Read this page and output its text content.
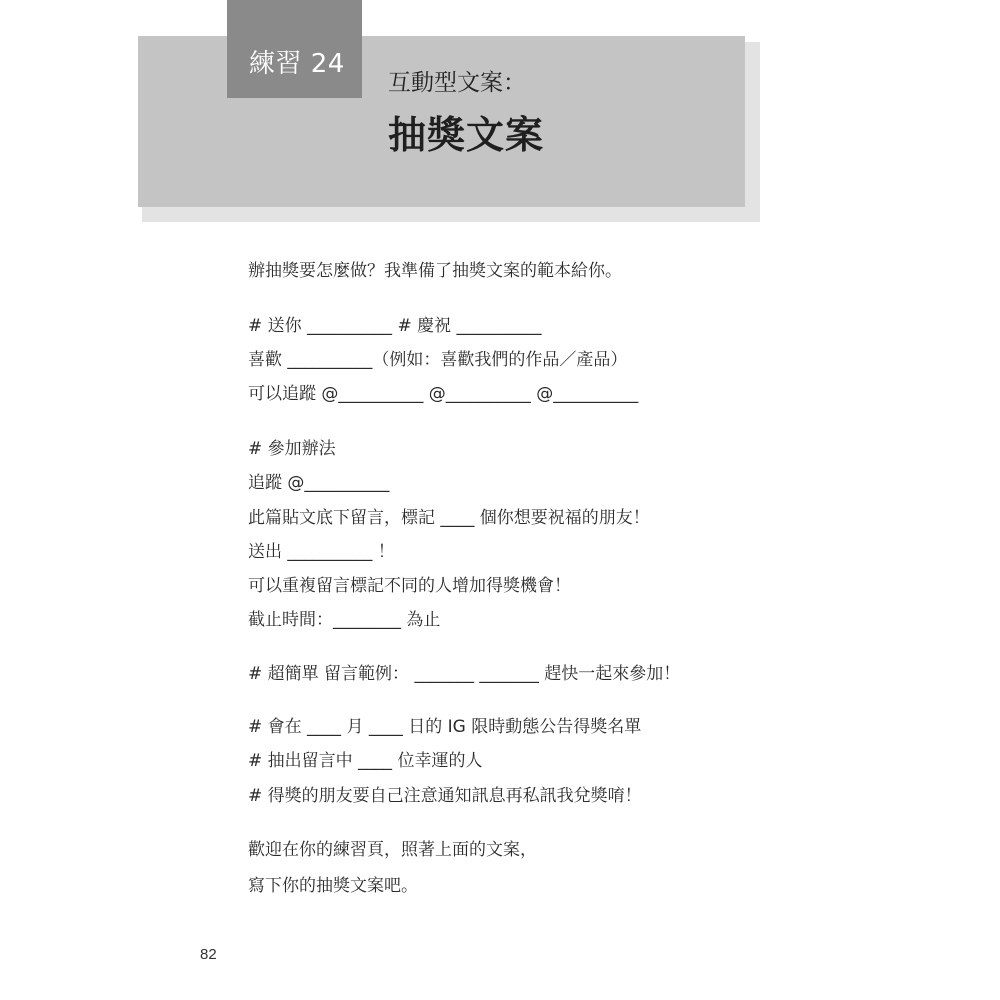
練習 24
互動型文案：
抽獎文案
辦抽獎要怎麼做？我準備了抽獎文案的範本給你。
# 送你 __________ # 慶祝 __________
喜歡 __________（例如：喜歡我們的作品／產品）
可以追蹤 @__________ @__________ @__________
# 參加辦法
追蹤 @__________
此篇貼文底下留言，標記 ____ 個你想要祝福的朋友！
送出 __________ ！
可以重複留言標記不同的人增加得獎機會！
截止時間：________ 為止
# 超簡單 留言範例： _______ _______ 趕快一起來參加！
# 會在 ____ 月 ____ 日的 IG 限時動態公告得獎名單
# 抽出留言中 ____ 位幸運的人
# 得獎的朋友要自己注意通知訊息再私訊我兌獎唷！
歡迎在你的練習頁，照著上面的文案，
寫下你的抽獎文案吧。
82
